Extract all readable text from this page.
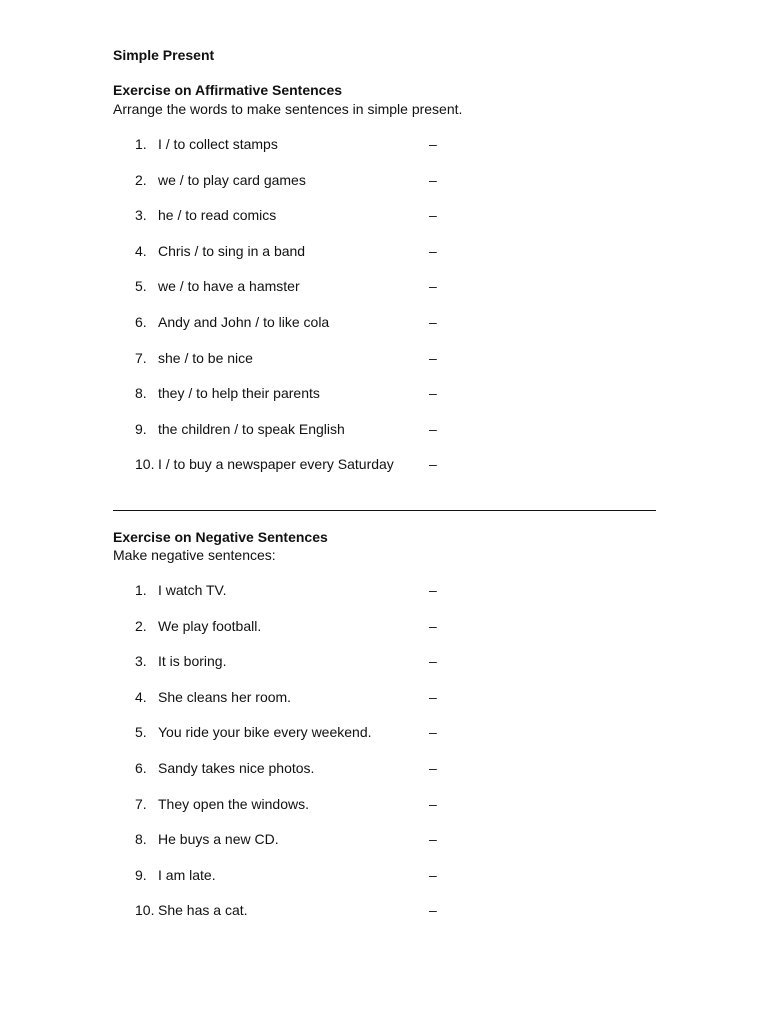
Simple Present
Exercise on Affirmative Sentences

Arrange the words to make sentences in simple present.

1. I / to collect stamps	–
2. we / to play card games	–
3. he / to read comics	–
4. Chris / to sing in a band	–
5. we / to have a hamster	–
6. Andy and John / to like cola	–
7. she / to be nice	–
8. they / to help their parents	–
9. the children / to speak English	–
10. I / to buy a newspaper every Saturday	–
Exercise on Negative Sentences

Make negative sentences:

1. I watch TV.	–
2. We play football.	–
3. It is boring.	–
4. She cleans her room.	–
5. You ride your bike every weekend.	–
6. Sandy takes nice photos.	–
7. They open the windows.	–
8. He buys a new CD.	–
9. I am late.	–
10. She has a cat.	–
